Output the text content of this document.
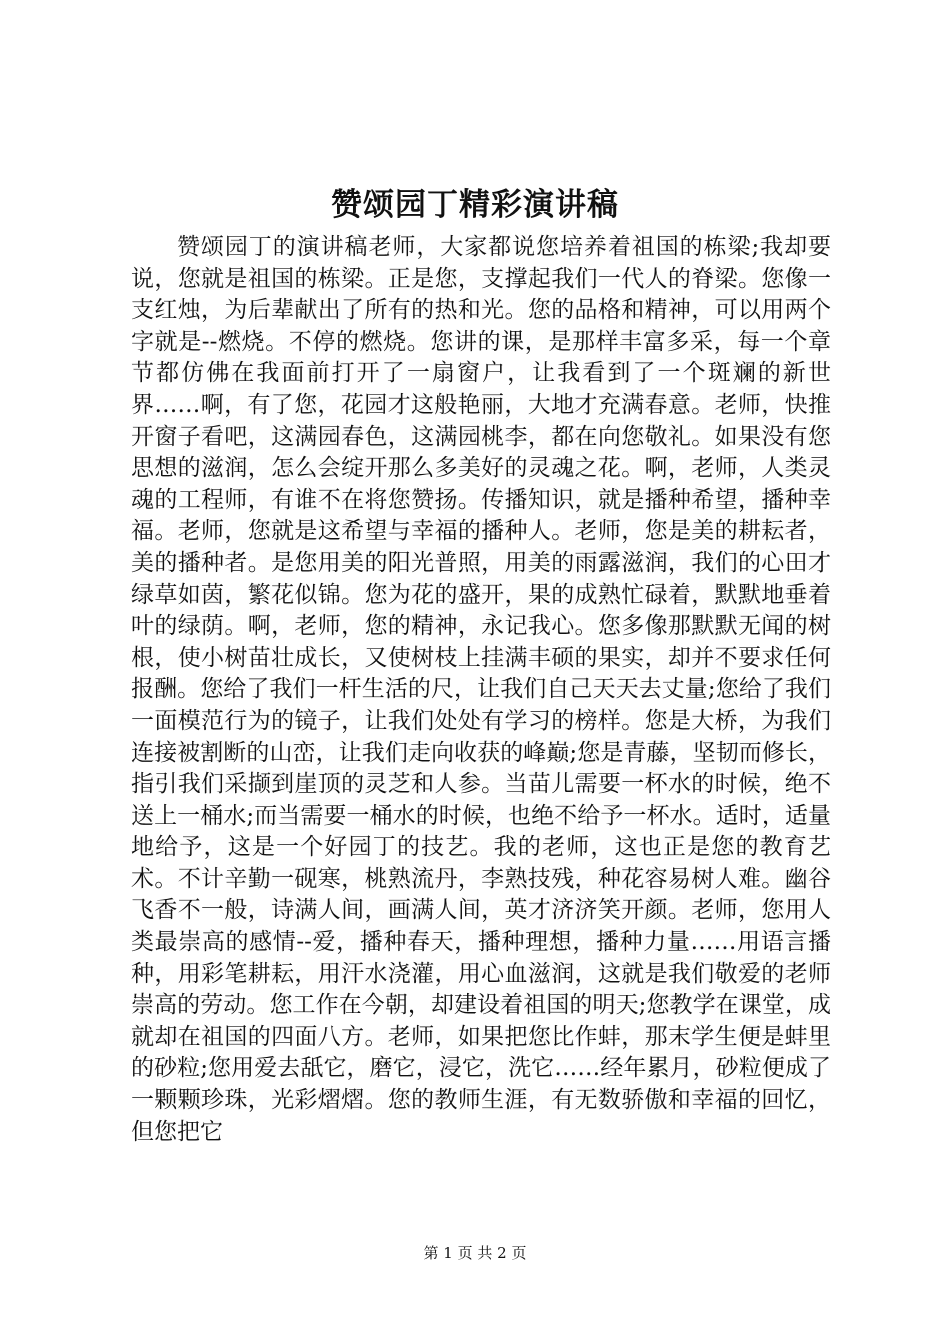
赞颂园丁精彩演讲稿

赞颂园丁的演讲稿老师，大家都说您培养着祖国的栋梁;我却要说，您就是祖国的栋梁。正是您，支撑起我们一代人的脊梁。您像一支红烛，为后辈献出了所有的热和光。您的品格和精神，可以用两个字就是--燃烧。不停的燃烧。您讲的课，是那样丰富多采，每一个章节都仿佛在我面前打开了一扇窗户，让我看到了一个斑斓的新世界……啊，有了您，花园才这般艳丽，大地才充满春意。老师，快推开窗子看吧，这满园春色，这满园桃李，都在向您敬礼。如果没有您思想的滋润，怎么会绽开那么多美好的灵魂之花。啊，老师，人类灵魂的工程师，有谁不在将您赞扬。传播知识，就是播种希望，播种幸福。老师，您就是这希望与幸福的播种人。老师，您是美的耕耘者，美的播种者。是您用美的阳光普照，用美的雨露滋润，我们的心田才绿草如茵，繁花似锦。您为花的盛开，果的成熟忙碌着，默默地垂着叶的绿荫。啊，老师，您的精神，永记我心。您多像那默默无闻的树根，使小树苗壮成长，又使树枝上挂满丰硕的果实，却并不要求任何报酬。您给了我们一杆生活的尺，让我们自己天天去丈量;您给了我们一面模范行为的镜子，让我们处处有学习的榜样。您是大桥，为我们连接被割断的山峦，让我们走向收获的峰巅;您是青藤，坚韧而修长，指引我们采撷到崖顶的灵芝和人参。当苗儿需要一杯水的时候，绝不送上一桶水;而当需要一桶水的时候，也绝不给予一杯水。适时，适量地给予，这是一个好园丁的技艺。我的老师，这也正是您的教育艺术。不计辛勤一砚寒，桃熟流丹，李熟技残，种花容易树人难。幽谷飞香不一般，诗满人间，画满人间，英才济济笑开颜。老师，您用人类最崇高的感情--爱，播种春天，播种理想，播种力量……用语言播种，用彩笔耕耘，用汗水浇灌，用心血滋润，这就是我们敬爱的老师崇高的劳动。您工作在今朝，却建设着祖国的明天;您教学在课堂，成就却在祖国的四面八方。老师，如果把您比作蚌，那末学生便是蚌里的砂粒;您用爱去舐它，磨它，浸它，洗它……经年累月，砂粒便成了一颗颗珍珠，光彩熠熠。您的教师生涯，有无数骄傲和幸福的回忆，但您把它

第 1 页 共 2 页
